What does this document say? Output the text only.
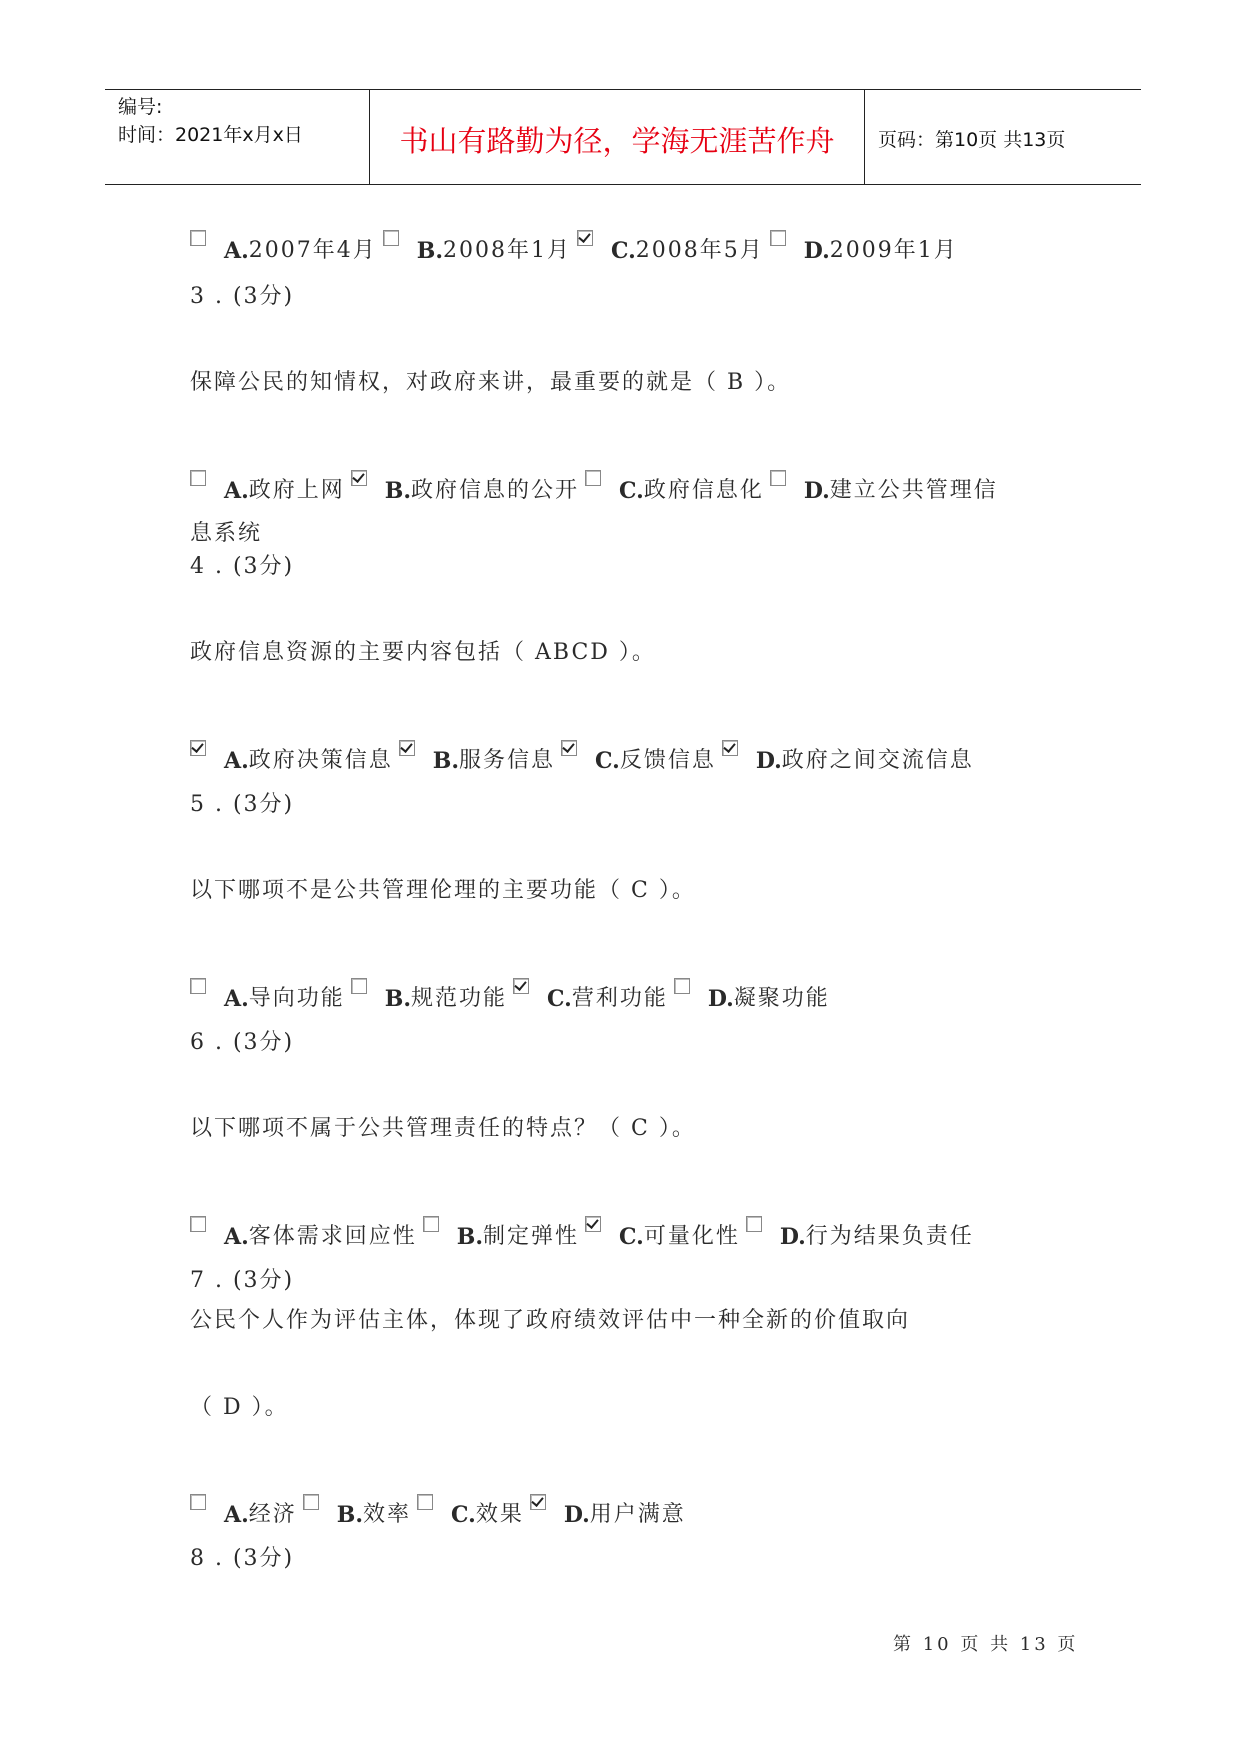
编号:
时间：2021年x月x日	书山有路勤为径，学海无涯苦作舟	页码：第10页 共13页
A. 2007年4月 B. 2008年1月 C. 2008年5月 D. 2009年1月
3 . (3分)
保障公民的知情权，对政府来讲，最重要的就是（ B ）。
A. 政府上网 B. 政府信息的公开 C. 政府信息化 D. 建立公共管理信
息系统
4 . (3分)
政府信息资源的主要内容包括（ ABCD ）。
A. 政府决策信息 B. 服务信息 C. 反馈信息 D. 政府之间交流信息
5 . (3分)
以下哪项不是公共管理伦理的主要功能（ C ）。
A. 导向功能 B. 规范功能 C. 营利功能 D. 凝聚功能
6 . (3分)
以下哪项不属于公共管理责任的特点？（ C ）。
A. 客体需求回应性 B. 制定弹性 C. 可量化性 D. 行为结果负责任
7 . (3分)
公民个人作为评估主体，体现了政府绩效评估中一种全新的价值取向
（ D ）。
A. 经济 B. 效率 C. 效果 D. 用户满意
8 . (3分)
第 10 页 共 13 页
